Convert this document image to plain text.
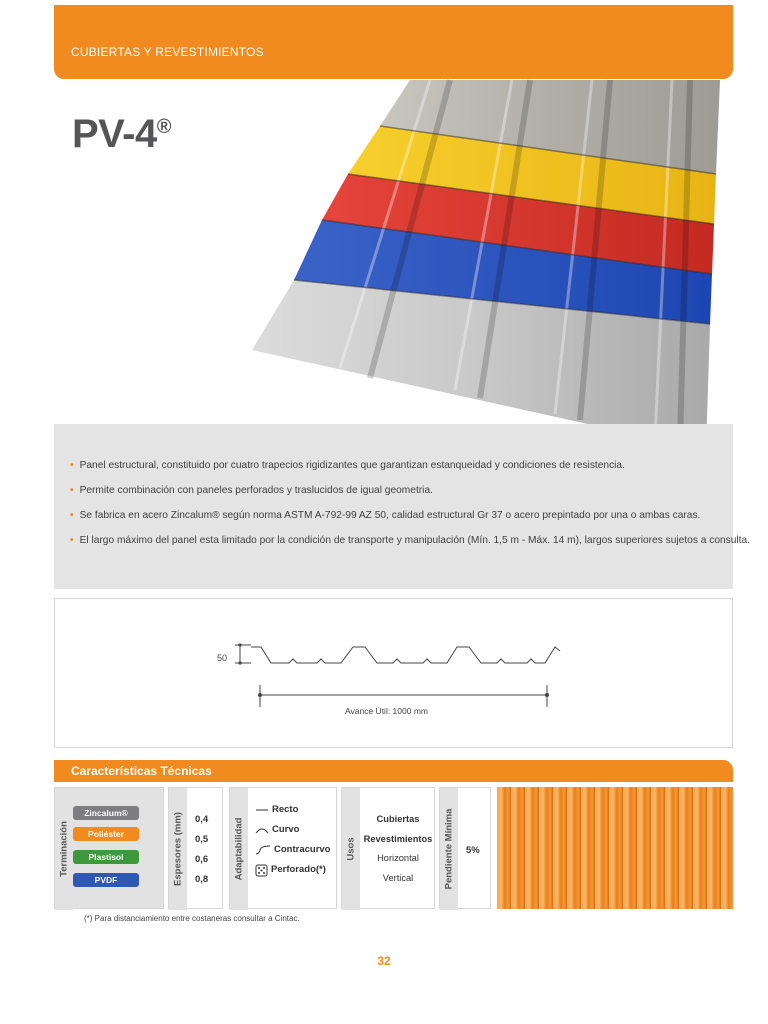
CUBIERTAS Y REVESTIMIENTOS
PV-4®
• Panel estructural, constituido por cuatro trapecios rigidizantes que garantizan estanqueidad y condiciones de resistencia.
• Permite combinación con paneles perforados y traslucidos de igual geometria.
• Se fabrica en acero Zincalum® según norma ASTM A-792-99 AZ 50, calidad estructural Gr 37 o acero prepintado por una o ambas caras.
• El largo máximo del panel esta limitado por la condición de transporte y manipulación (Mín. 1,5 m - Máx. 14 m), largos superiores sujetos a consulta.
50
Avance Útil: 1000 mm
Características Técnicas
Terminación
Zincalum®
Poliéster
Plastisol
PVDF	Espesores (mm) 0,4
0,5
0,6
0,8	Adaptabilidad
Recto
Curvo
Contracurvo
Perforado(*)
Usos
Cubiertas
Revestimientos
Horizontal
Vertical	Pendiente Mínima 5%
(*) Para distanciamiento entre costaneras consultar a Cintac.
32
